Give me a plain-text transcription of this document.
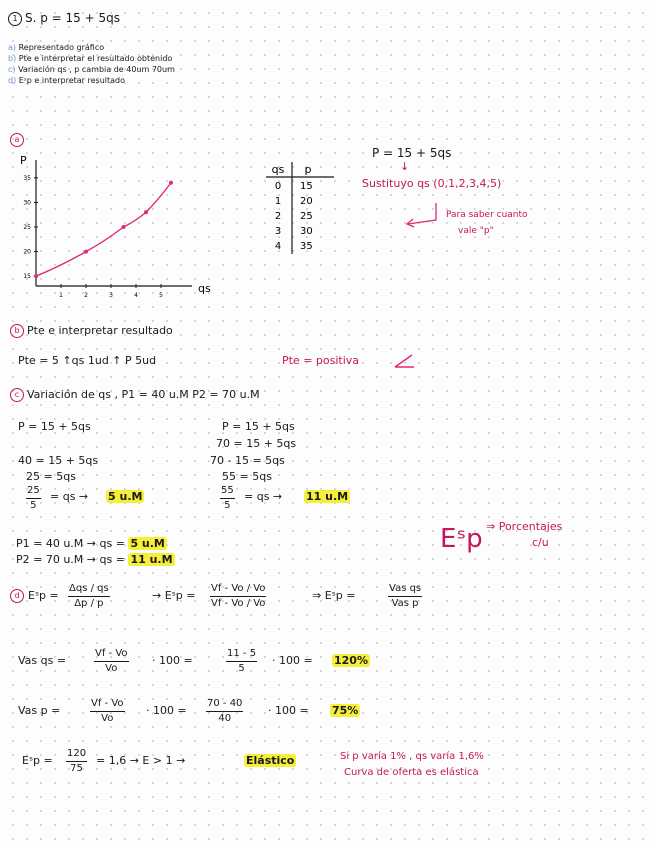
1 S. p = 15 + 5qs
a) Representado gráfico
b) Pte e interpretar el resultado obtenido
c) Variación qs , p cambia de 40um 70um
d) Eˢp e interpretar resultado
a
P
qs
1	2	3	4	5
15
20
25
30
35
qs p
0 15
1 20
2 25
3 30
4 35
P = 15 + 5qs
↓
Sustituyo qs (0,1,2,3,4,5)
Para saber cuanto
vale "p"
b Pte e interpretar resultado
Pte = 5 ↑qs 1ud ↑ P 5ud	Pte = positiva
c Variación de qs , P1 = 40 u.M P2 = 70 u.M
P = 15 + 5qs
40 = 15 + 5qs
25 = 5qs
25
5
= qs → 5 u.M
P = 15 + 5qs
70 = 15 + 5qs
70 - 15 = 5qs
55 = 5qs
55
5
= qs → 11 u.M
P1 = 40 u.M → qs = 5 u.M
P2 = 70 u.M → qs = 11 u.M
Eˢp ⇒ Porcentajes
c/u
d Eˢp =
Δqs / qs
Δp / p
→ Eˢp =
Vf - Vo / Vo
Vf - Vo / Vo
⇒ Eˢp =
Vas qs
Vas p
Vas qs =
Vf - Vo
Vo
· 100 =
11 - 5
5
· 100 = 120%
Vas p =
Vf - Vo
Vo
· 100 =
70 - 40
40
· 100 = 75%
Eˢp =
120
75
= 1,6 → E > 1 →	Elástico	Si p varía 1% , qs varía 1,6%
Curva de oferta es elástica
